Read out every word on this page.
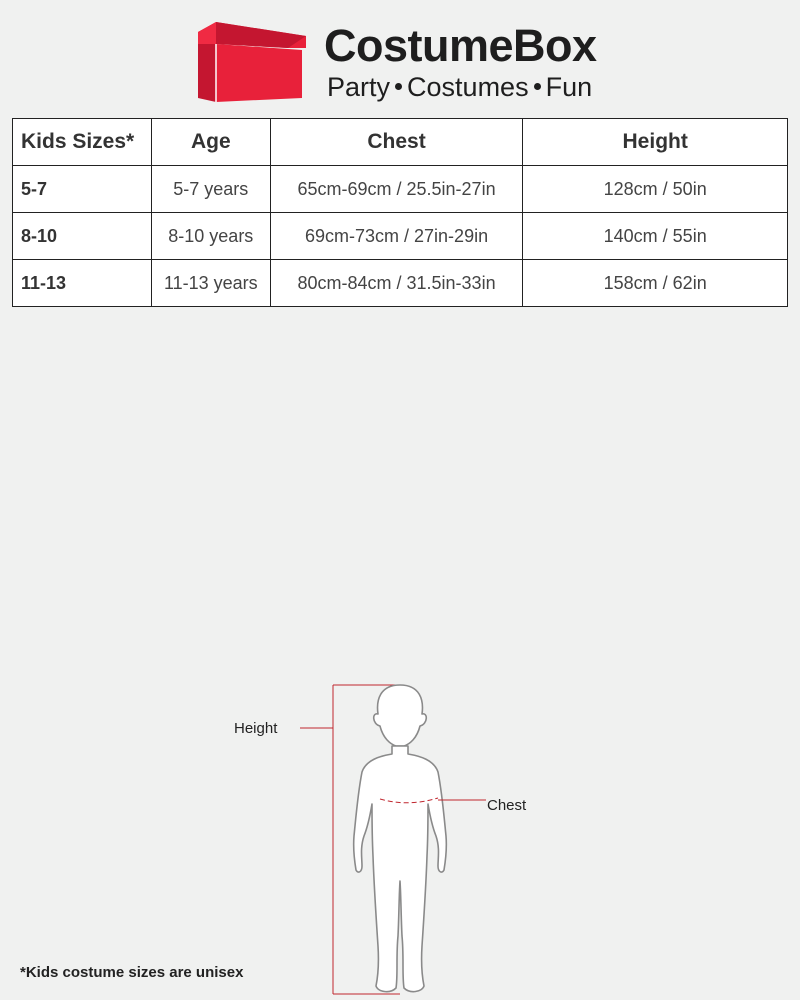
CostumeBox
Party Costumes Fun
Kids Sizes*	Age	Chest	Height
5-7	5-7 years	65cm-69cm / 25.5in-27in	128cm / 50in
8-10	8-10 years	69cm-73cm / 27in-29in	140cm / 55in
11-13	11-13 years	80cm-84cm / 31.5in-33in	158cm / 62in
Height
Chest
*Kids costume sizes are unisex
